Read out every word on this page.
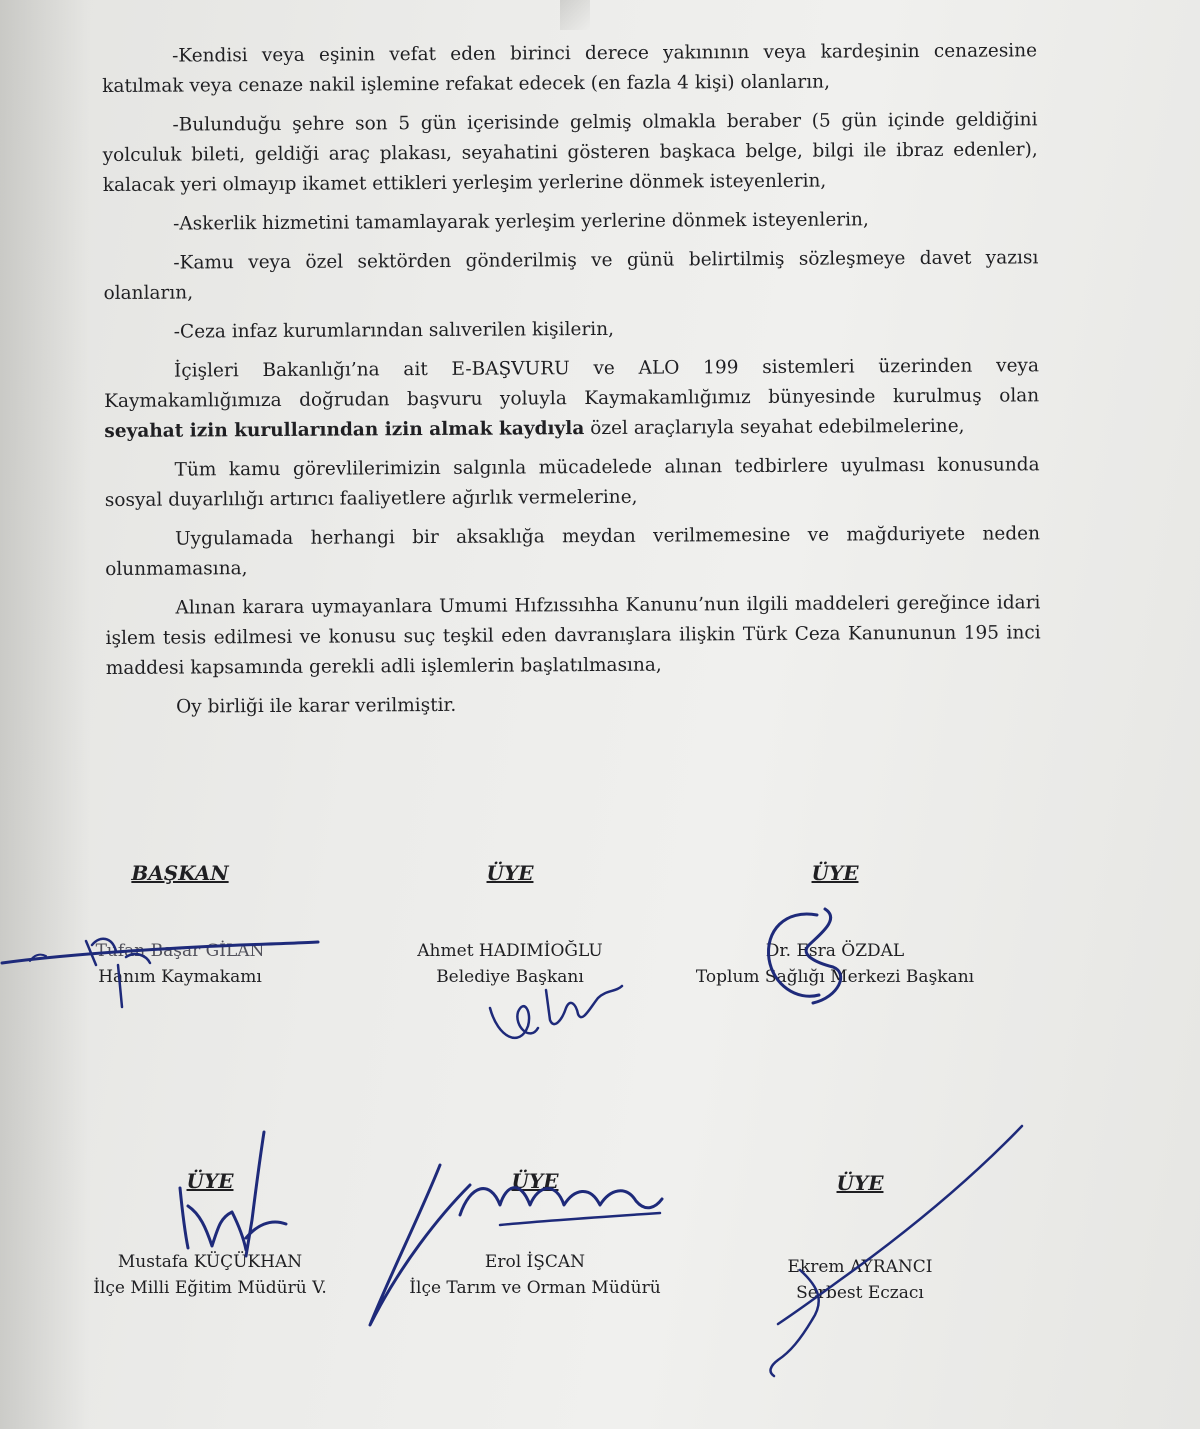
-Kendisi veya eşinin vefat eden birinci derece yakınının veya kardeşinin cenazesine katılmak veya cenaze nakil işlemine refakat edecek (en fazla 4 kişi) olanların,

-Bulunduğu şehre son 5 gün içerisinde gelmiş olmakla beraber (5 gün içinde geldiğini yolculuk bileti, geldiği araç plakası, seyahatini gösteren başkaca belge, bilgi ile ibraz edenler), kalacak yeri olmayıp ikamet ettikleri yerleşim yerlerine dönmek isteyenlerin,

-Askerlik hizmetini tamamlayarak yerleşim yerlerine dönmek isteyenlerin,

-Kamu veya özel sektörden gönderilmiş ve günü belirtilmiş sözleşmeye davet yazısı olanların,

-Ceza infaz kurumlarından salıverilen kişilerin,

İçişleri Bakanlığı’na ait E-BAŞVURU ve ALO 199 sistemleri üzerinden veya Kaymakamlığımıza doğrudan başvuru yoluyla Kaymakamlığımız bünyesinde kurulmuş olan seyahat izin kurullarından izin almak kaydıyla özel araçlarıyla seyahat edebilmelerine,

Tüm kamu görevlilerimizin salgınla mücadelede alınan tedbirlere uyulması konusunda sosyal duyarlılığı artırıcı faaliyetlere ağırlık vermelerine,

Uygulamada herhangi bir aksaklığa meydan verilmemesine ve mağduriyete neden olunmamasına,

Alınan karara uymayanlara Umumi Hıfzıssıhha Kanunu’nun ilgili maddeleri gereğince idari işlem tesis edilmesi ve konusu suç teşkil eden davranışlara ilişkin Türk Ceza Kanununun 195 inci maddesi kapsamında gerekli adli işlemlerin başlatılmasına,

Oy birliği ile karar verilmiştir.

BAŞKAN
Tufan Başar GİLAN
Hanım Kaymakamı
ÜYE
Ahmet HADIMİOĞLU
Belediye Başkanı
ÜYE
Dr. Esra ÖZDAL
Toplum Sağlığı Merkezi Başkanı
ÜYE
Mustafa KÜÇÜKHAN
İlçe Milli Eğitim Müdürü V.
ÜYE
Erol İŞCAN
İlçe Tarım ve Orman Müdürü
ÜYE
Ekrem AYRANCI
Serbest Eczacı
